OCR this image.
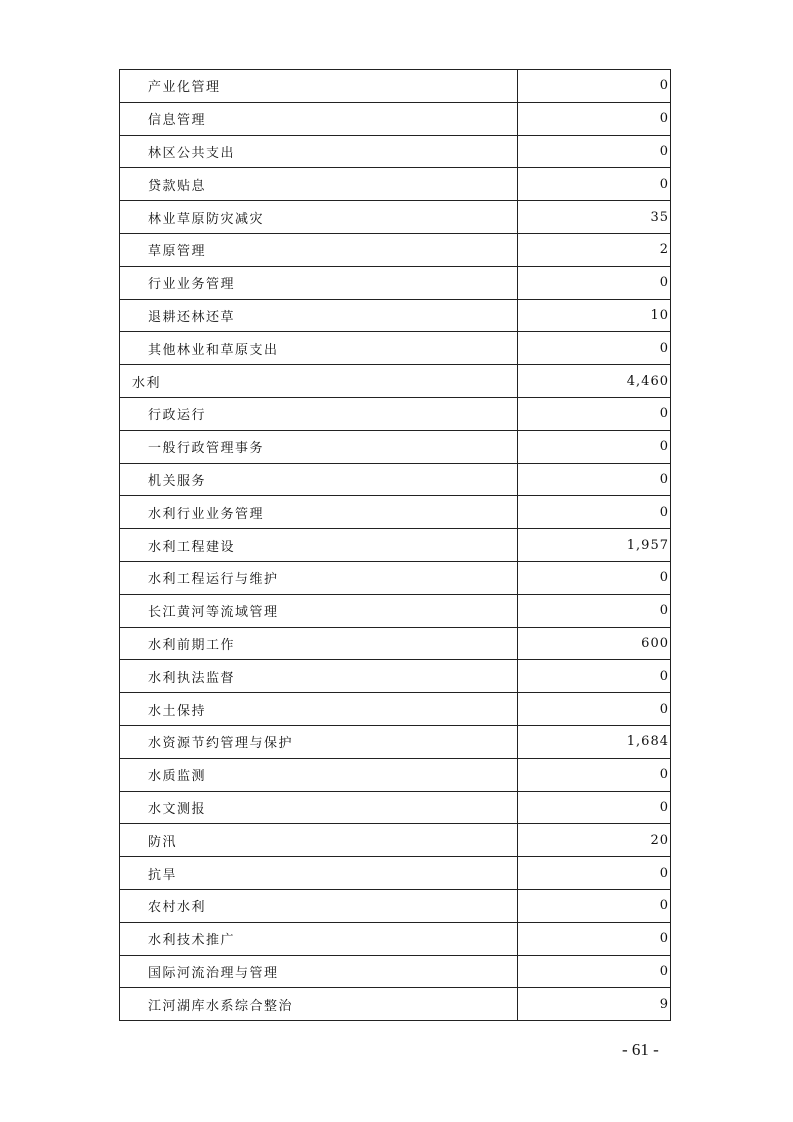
产业化管理	0
信息管理	0
林区公共支出	0
贷款贴息	0
林业草原防灾减灾	35
草原管理	2
行业业务管理	0
退耕还林还草	10
其他林业和草原支出	0
水利	4,460
行政运行	0
一般行政管理事务	0
机关服务	0
水利行业业务管理	0
水利工程建设	1,957
水利工程运行与维护	0
长江黄河等流域管理	0
水利前期工作	600
水利执法监督	0
水土保持	0
水资源节约管理与保护	1,684
水质监测	0
水文测报	0
防汛	20
抗旱	0
农村水利	0
水利技术推广	0
国际河流治理与管理	0
江河湖库水系综合整治	9
- 61 -
